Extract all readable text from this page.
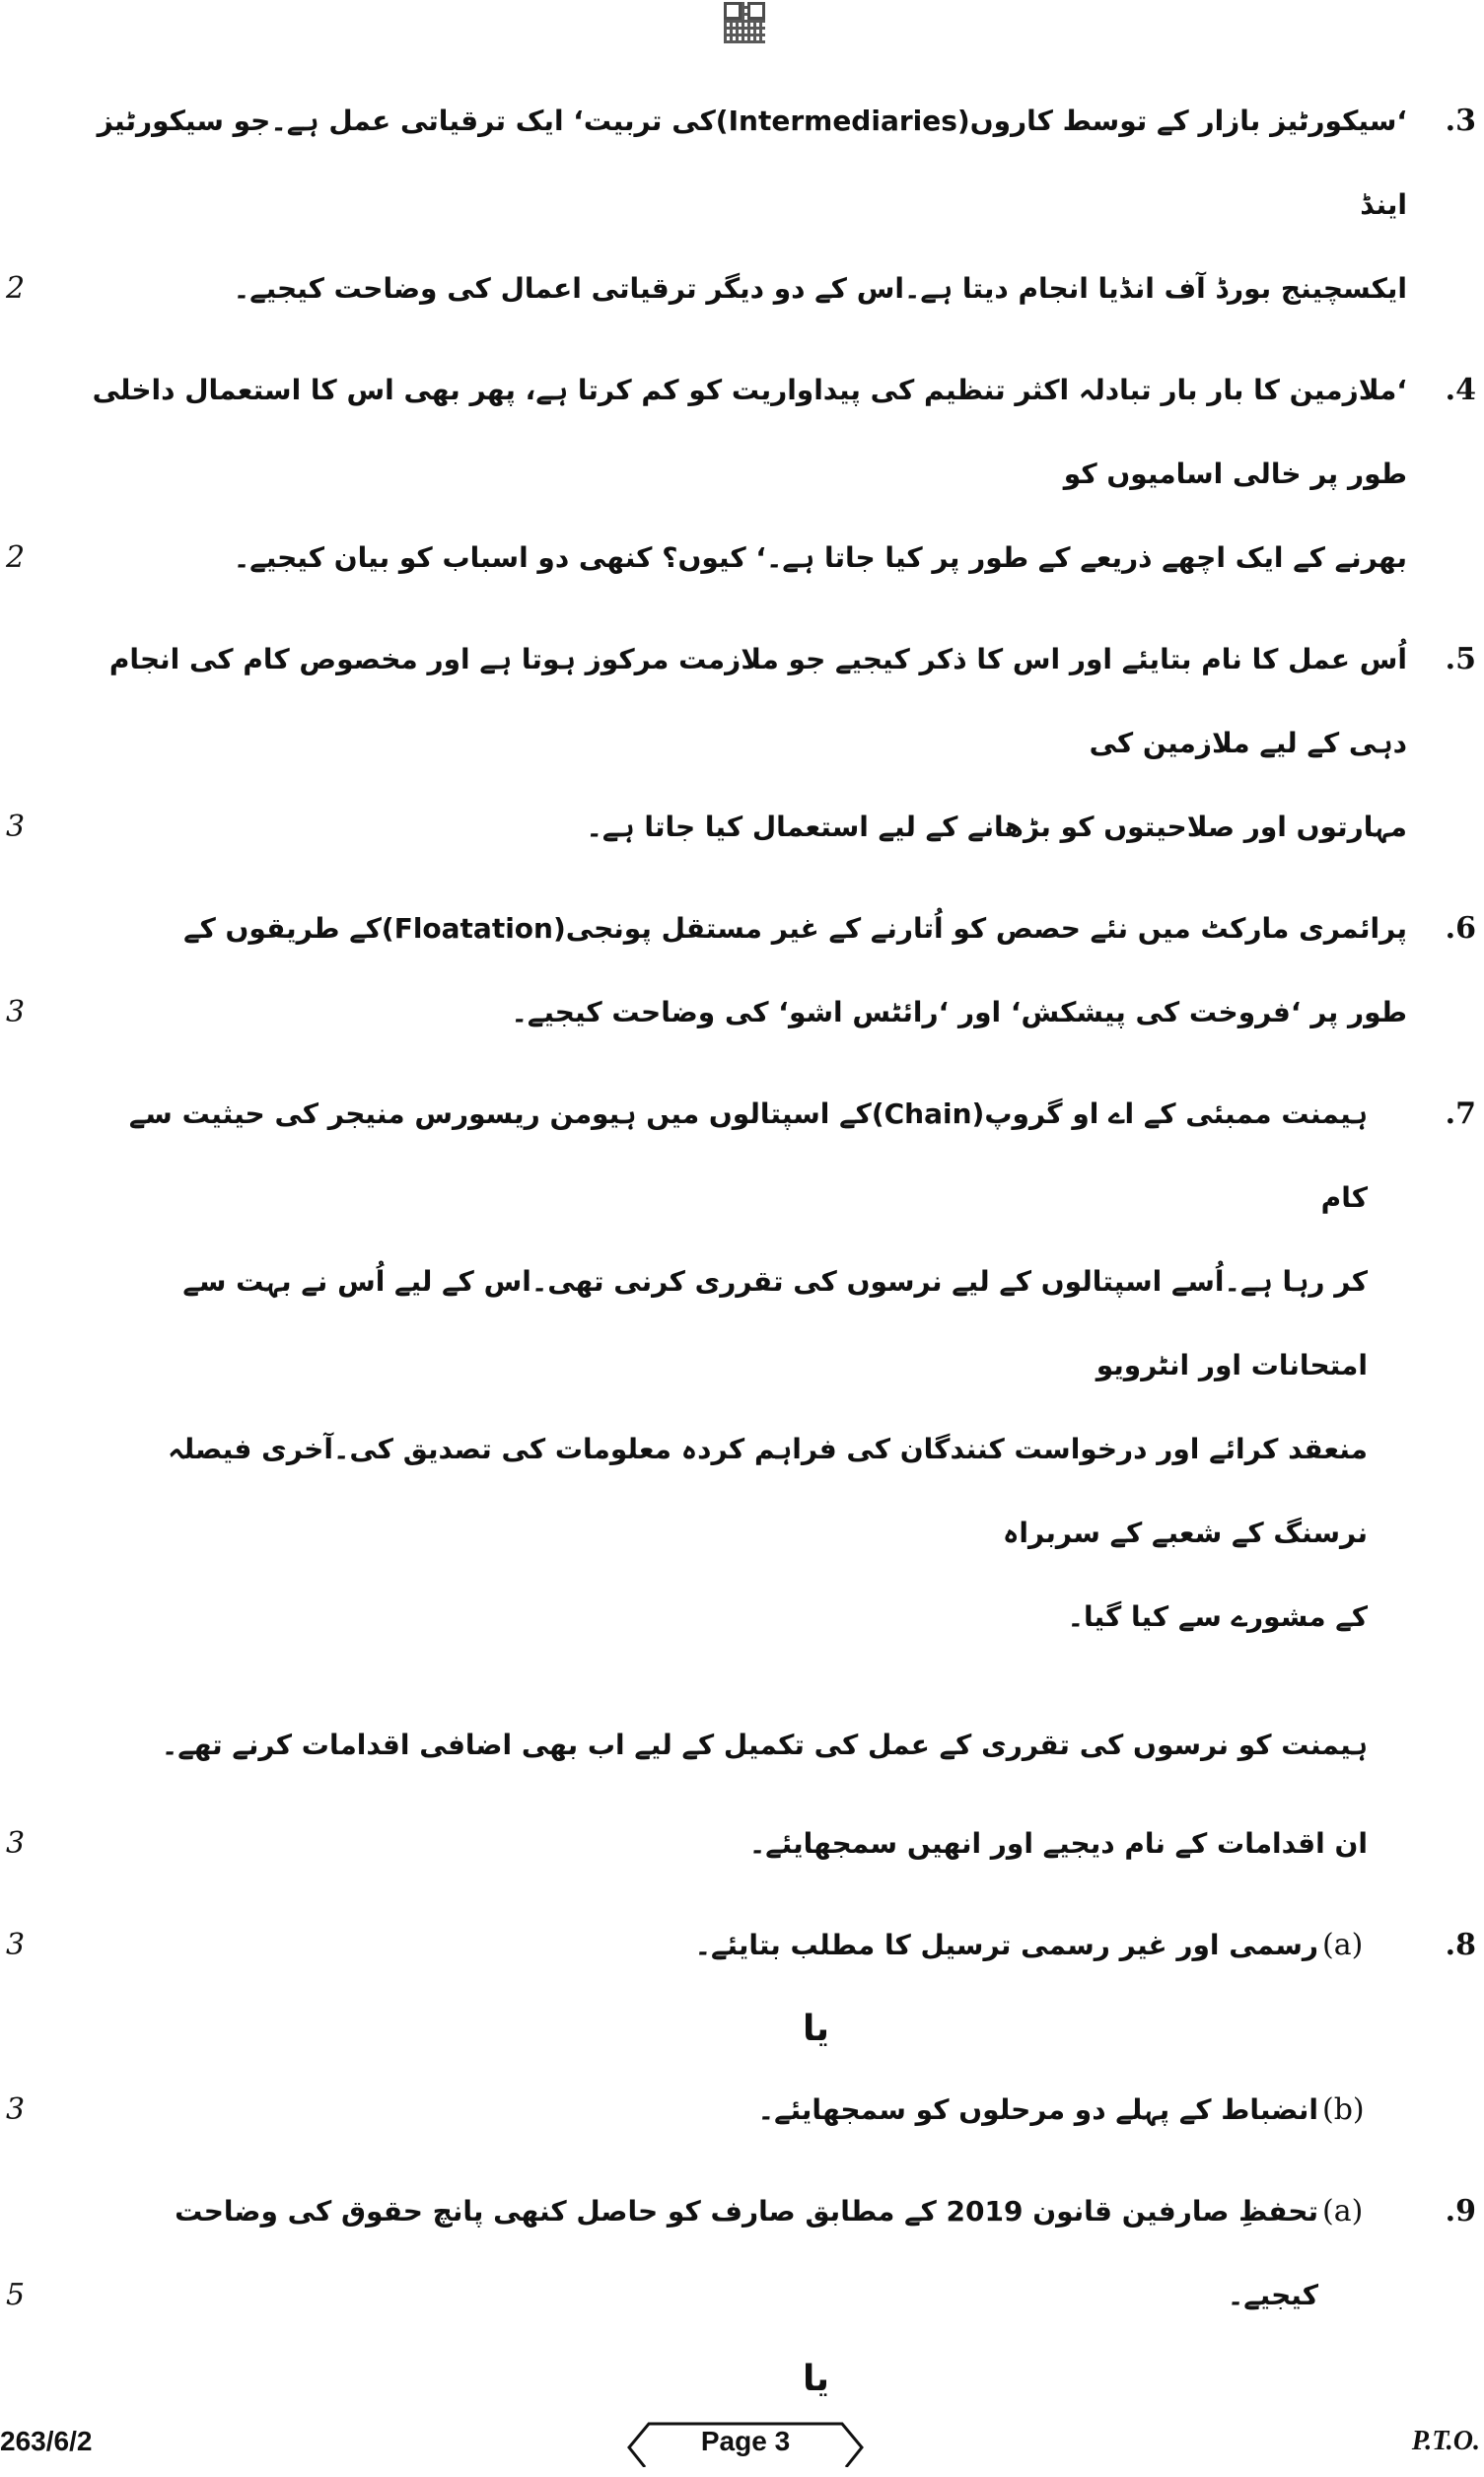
2
‘سیکورٹیز بازار کے توسط کاروں(Intermediaries)کی تربیت‘ ایک ترقیاتی عمل ہے۔جو سیکورٹیز اینڈ
ایکسچینج بورڈ آف انڈیا انجام دیتا ہے۔اس کے دو دیگر ترقیاتی اعمال کی وضاحت کیجیے۔
3.
2
‘ملازمین کا بار بار تبادلہ اکثر تنظیم کی پیداواریت کو کم کرتا ہے، پھر بھی اس کا استعمال داخلی طور پر خالی اسامیوں کو
بھرنے کے ایک اچھے ذریعے کے طور پر کیا جاتا ہے۔‘ کیوں؟ کنھی دو اسباب کو بیان کیجیے۔
4.
3
اُس عمل کا نام بتایئے اور اس کا ذکر کیجیے جو ملازمت مرکوز ہوتا ہے اور مخصوص کام کی انجام دہی کے لیے ملازمین کی
مہارتوں اور صلاحیتوں کو بڑھانے کے لیے استعمال کیا جاتا ہے۔
5.
3
پرائمری مارکٹ میں نئے حصص کو اُتارنے کے غیر مستقل پونجی(Floatation)کے طریقوں کے
طور پر ‘فروخت کی پیشکش‘ اور ‘رائٹس اشو‘ کی وضاحت کیجیے۔
6.
3
ہیمنت ممبئی کے اے او گروپ(Chain)کے اسپتالوں میں ہیومن ریسورس منیجر کی حیثیت سے کام
کر رہا ہے۔اُسے اسپتالوں کے لیے نرسوں کی تقرری کرنی تھی۔اس کے لیے اُس نے بہت سے امتحانات اور انٹرویو
منعقد کرائے اور درخواست کنندگان کی فراہم کردہ معلومات کی تصدیق کی۔آخری فیصلہ نرسنگ کے شعبے کے سربراہ
کے مشورے سے کیا گیا۔
ہیمنت کو نرسوں کی تقرری کے عمل کی تکمیل کے لیے اب بھی اضافی اقدامات کرنے تھے۔
ان اقدامات کے نام دیجیے اور انھیں سمجھایئے۔
7.
3	رسمی اور غیر رسمی ترسیل کا مطلب بتایئے۔ (a)	8.
یا
3	انضباط کے پہلے دو مرحلوں کو سمجھایئے۔ (b)
5
تحفظِ صارفین قانون 2019 کے مطابق صارف کو حاصل کنھی پانچ حقوق کی وضاحت کیجیے۔
(a)	9.
یا
263/6/2	Page 3	P.T.O.
